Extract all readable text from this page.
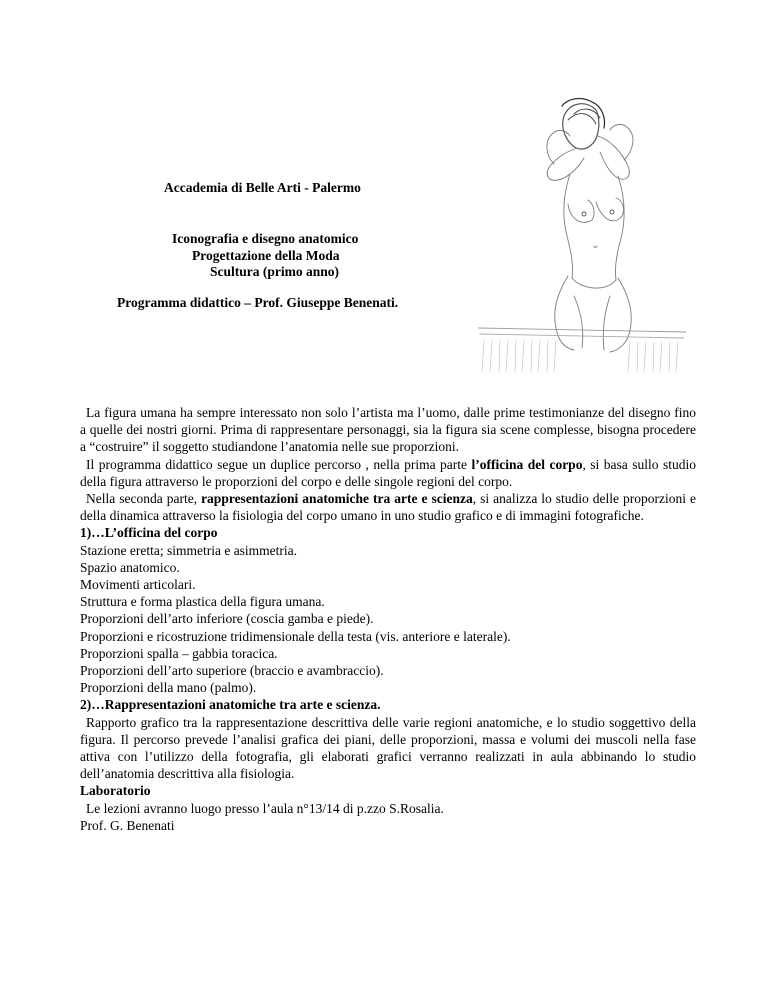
Accademia di Belle Arti - Palermo
Iconografia e disegno anatomico
Progettazione della Moda
Scultura (primo anno)
Programma didattico – Prof. Giuseppe Benenati.

La figura umana ha sempre interessato non solo l’artista ma l’uomo, dalle prime testimonianze del disegno fino a quelle dei nostri giorni. Prima di rappresentare personaggi, sia la figura sia scene complesse, bisogna procedere a “costruire” il soggetto studiandone l’anatomia nelle sue proporzioni.

Il programma didattico segue un duplice percorso , nella prima parte l’officina del corpo, si basa sullo studio della figura attraverso le proporzioni del corpo e delle singole regioni del corpo.

Nella seconda parte, rappresentazioni anatomiche tra arte e scienza, si analizza lo studio delle proporzioni e della dinamica attraverso la fisiologia del corpo umano in uno studio grafico e di immagini fotografiche.

1)…L’officina del corpo

Stazione eretta; simmetria e asimmetria.

Spazio anatomico.

Movimenti articolari.

Struttura e forma plastica della figura umana.

Proporzioni dell’arto inferiore (coscia gamba e piede).

Proporzioni e ricostruzione tridimensionale della testa (vis. anteriore e laterale).

Proporzioni spalla – gabbia toracica.

Proporzioni dell’arto superiore (braccio e avambraccio).

Proporzioni della mano (palmo).

2)…Rappresentazioni anatomiche tra arte e scienza.

Rapporto grafico tra la rappresentazione descrittiva delle varie regioni anatomiche, e lo studio soggettivo della figura. Il percorso prevede l’analisi grafica dei piani, delle proporzioni, massa e volumi dei muscoli nella fase attiva con l’utilizzo della fotografia, gli elaborati grafici verranno realizzati in aula abbinando lo studio dell’anatomia descrittiva alla fisiologia.

Laboratorio

Le lezioni avranno luogo presso l’aula n°13/14 di p.zzo S.Rosalia.

Prof. G. Benenati
